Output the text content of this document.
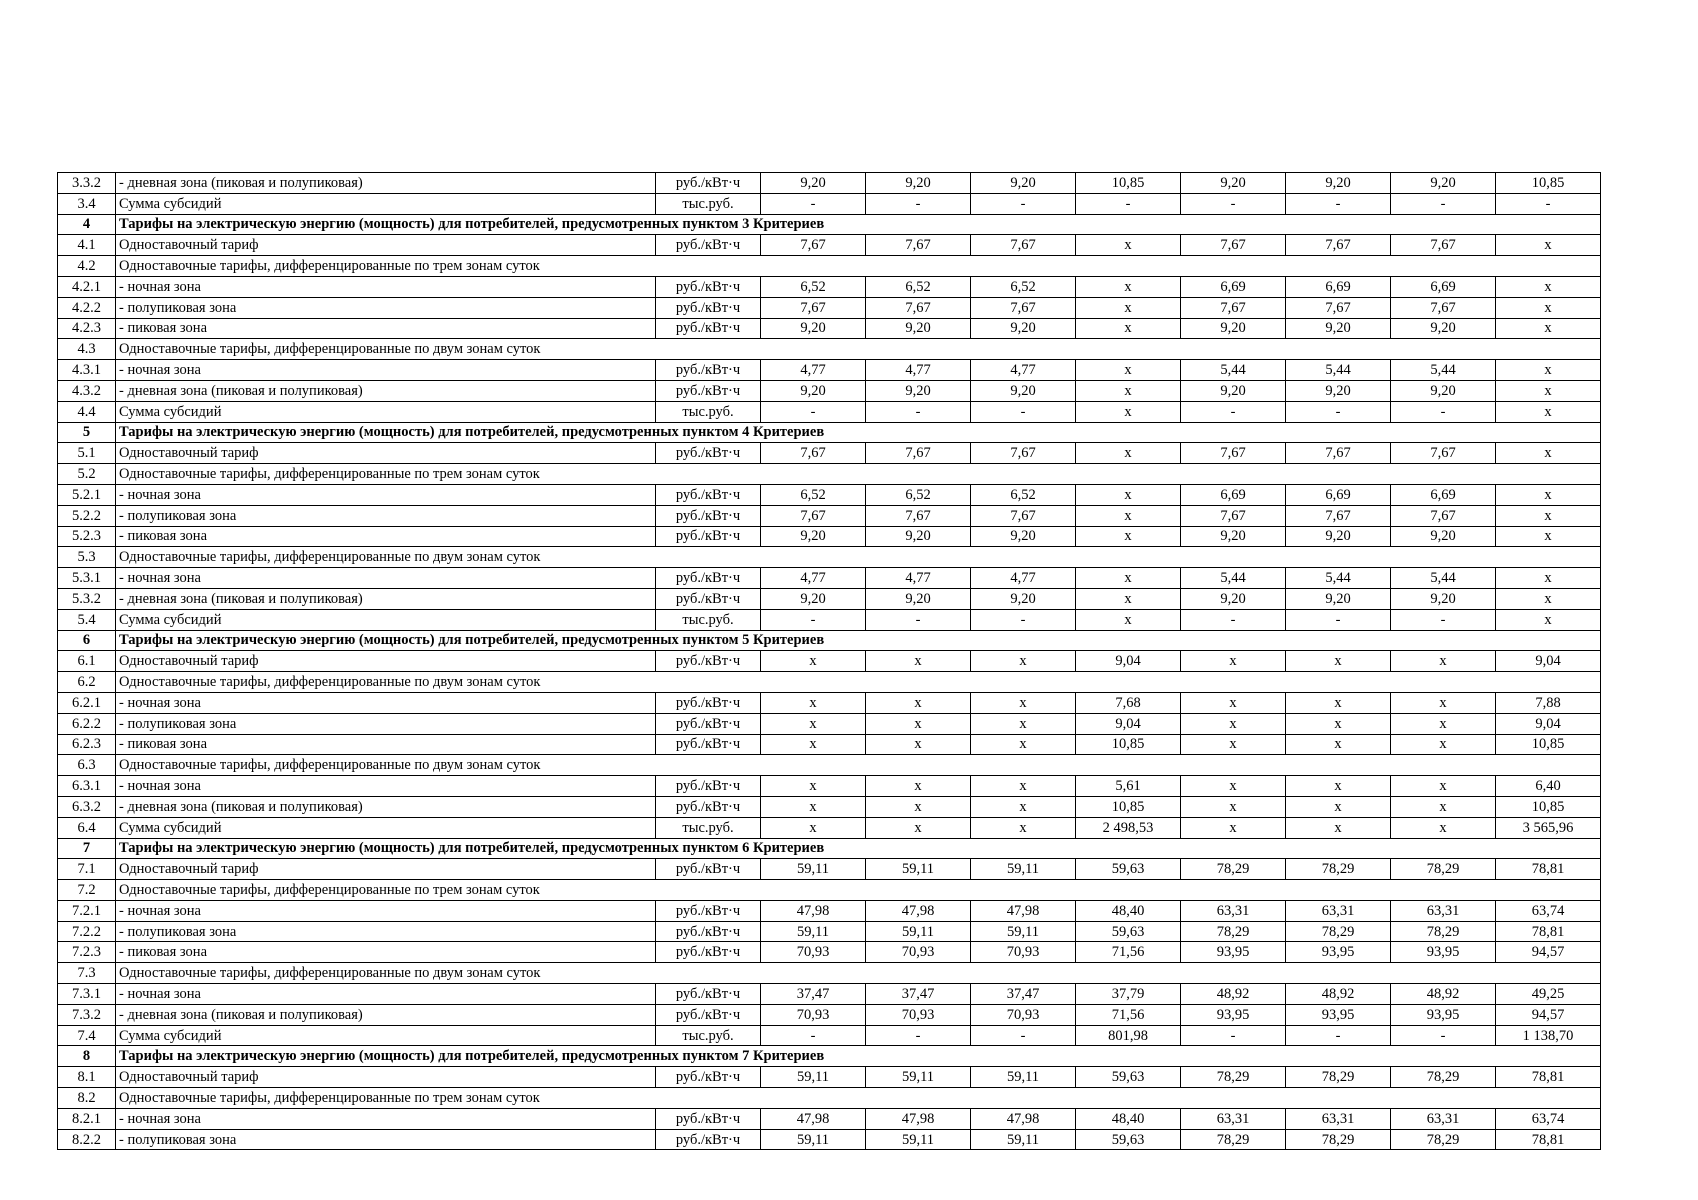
3.3.2	- дневная зона (пиковая и полупиковая)	руб./кВт·ч	9,20	9,20	9,20	10,85	9,20	9,20	9,20	10,85
3.4	Сумма субсидий	тыс.руб.	-	-	-	-	-	-	-	-
4	Тарифы на электрическую энергию (мощность) для потребителей, предусмотренных пунктом 3 Критериев									
4.1	Одноставочный тариф	руб./кВт·ч	7,67	7,67	7,67	x	7,67	7,67	7,67	x
4.2	Одноставочные тарифы, дифференцированные по трем зонам суток									
4.2.1	- ночная зона	руб./кВт·ч	6,52	6,52	6,52	x	6,69	6,69	6,69	x
4.2.2	- полупиковая зона	руб./кВт·ч	7,67	7,67	7,67	x	7,67	7,67	7,67	x
4.2.3	- пиковая зона	руб./кВт·ч	9,20	9,20	9,20	x	9,20	9,20	9,20	x
4.3	Одноставочные тарифы, дифференцированные по двум зонам суток									
4.3.1	- ночная зона	руб./кВт·ч	4,77	4,77	4,77	x	5,44	5,44	5,44	x
4.3.2	- дневная зона (пиковая и полупиковая)	руб./кВт·ч	9,20	9,20	9,20	x	9,20	9,20	9,20	x
4.4	Сумма субсидий	тыс.руб.	-	-	-	x	-	-	-	x
5	Тарифы на электрическую энергию (мощность) для потребителей, предусмотренных пунктом 4 Критериев									
5.1	Одноставочный тариф	руб./кВт·ч	7,67	7,67	7,67	x	7,67	7,67	7,67	x
5.2	Одноставочные тарифы, дифференцированные по трем зонам суток									
5.2.1	- ночная зона	руб./кВт·ч	6,52	6,52	6,52	x	6,69	6,69	6,69	x
5.2.2	- полупиковая зона	руб./кВт·ч	7,67	7,67	7,67	x	7,67	7,67	7,67	x
5.2.3	- пиковая зона	руб./кВт·ч	9,20	9,20	9,20	x	9,20	9,20	9,20	x
5.3	Одноставочные тарифы, дифференцированные по двум зонам суток									
5.3.1	- ночная зона	руб./кВт·ч	4,77	4,77	4,77	x	5,44	5,44	5,44	x
5.3.2	- дневная зона (пиковая и полупиковая)	руб./кВт·ч	9,20	9,20	9,20	x	9,20	9,20	9,20	x
5.4	Сумма субсидий	тыс.руб.	-	-	-	x	-	-	-	x
6	Тарифы на электрическую энергию (мощность) для потребителей, предусмотренных пунктом 5 Критериев									
6.1	Одноставочный тариф	руб./кВт·ч	x	x	x	9,04	x	x	x	9,04
6.2	Одноставочные тарифы, дифференцированные по двум зонам суток									
6.2.1	- ночная зона	руб./кВт·ч	x	x	x	7,68	x	x	x	7,88
6.2.2	- полупиковая зона	руб./кВт·ч	x	x	x	9,04	x	x	x	9,04
6.2.3	- пиковая зона	руб./кВт·ч	x	x	x	10,85	x	x	x	10,85
6.3	Одноставочные тарифы, дифференцированные по двум зонам суток									
6.3.1	- ночная зона	руб./кВт·ч	x	x	x	5,61	x	x	x	6,40
6.3.2	- дневная зона (пиковая и полупиковая)	руб./кВт·ч	x	x	x	10,85	x	x	x	10,85
6.4	Сумма субсидий	тыс.руб.	x	x	x	2 498,53	x	x	x	3 565,96
7	Тарифы на электрическую энергию (мощность) для потребителей, предусмотренных пунктом 6 Критериев									
7.1	Одноставочный тариф	руб./кВт·ч	59,11	59,11	59,11	59,63	78,29	78,29	78,29	78,81
7.2	Одноставочные тарифы, дифференцированные по трем зонам суток									
7.2.1	- ночная зона	руб./кВт·ч	47,98	47,98	47,98	48,40	63,31	63,31	63,31	63,74
7.2.2	- полупиковая зона	руб./кВт·ч	59,11	59,11	59,11	59,63	78,29	78,29	78,29	78,81
7.2.3	- пиковая зона	руб./кВт·ч	70,93	70,93	70,93	71,56	93,95	93,95	93,95	94,57
7.3	Одноставочные тарифы, дифференцированные по двум зонам суток									
7.3.1	- ночная зона	руб./кВт·ч	37,47	37,47	37,47	37,79	48,92	48,92	48,92	49,25
7.3.2	- дневная зона (пиковая и полупиковая)	руб./кВт·ч	70,93	70,93	70,93	71,56	93,95	93,95	93,95	94,57
7.4	Сумма субсидий	тыс.руб.	-	-	-	801,98	-	-	-	1 138,70
8	Тарифы на электрическую энергию (мощность) для потребителей, предусмотренных пунктом 7 Критериев									
8.1	Одноставочный тариф	руб./кВт·ч	59,11	59,11	59,11	59,63	78,29	78,29	78,29	78,81
8.2	Одноставочные тарифы, дифференцированные по трем зонам суток									
8.2.1	- ночная зона	руб./кВт·ч	47,98	47,98	47,98	48,40	63,31	63,31	63,31	63,74
8.2.2	- полупиковая зона	руб./кВт·ч	59,11	59,11	59,11	59,63	78,29	78,29	78,29	78,81
